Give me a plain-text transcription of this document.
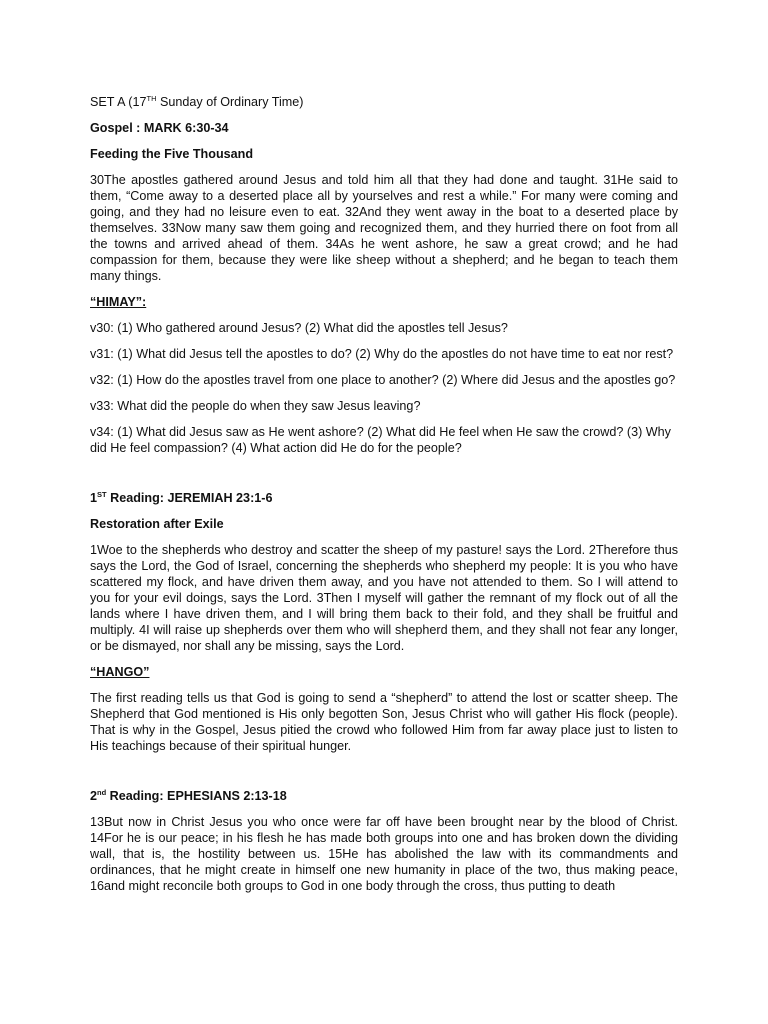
SET A (17TH Sunday of Ordinary Time)

Gospel : MARK 6:30-34

Feeding the Five Thousand

30The apostles gathered around Jesus and told him all that they had done and taught. 31He said to them, “Come away to a deserted place all by yourselves and rest a while.” For many were coming and going, and they had no leisure even to eat. 32And they went away in the boat to a deserted place by themselves. 33Now many saw them going and recognized them, and they hurried there on foot from all the towns and arrived ahead of them. 34As he went ashore, he saw a great crowd; and he had compassion for them, because they were like sheep without a shepherd; and he began to teach them many things.

“HIMAY”:

v30: (1) Who gathered around Jesus? (2) What did the apostles tell Jesus?

v31: (1) What did Jesus tell the apostles to do? (2) Why do the apostles do not have time to eat nor rest?

v32: (1) How do the apostles travel from one place to another? (2) Where did Jesus and the apostles go?

v33: What did the people do when they saw Jesus leaving?

v34: (1) What did Jesus saw as He went ashore? (2) What did He feel when He saw the crowd? (3) Why did He feel compassion? (4) What action did He do for the people?

1ST Reading: JEREMIAH 23:1-6

Restoration after Exile

1Woe to the shepherds who destroy and scatter the sheep of my pasture! says the Lord. 2Therefore thus says the Lord, the God of Israel, concerning the shepherds who shepherd my people: It is you who have scattered my flock, and have driven them away, and you have not attended to them. So I will attend to you for your evil doings, says the Lord. 3Then I myself will gather the remnant of my flock out of all the lands where I have driven them, and I will bring them back to their fold, and they shall be fruitful and multiply. 4I will raise up shepherds over them who will shepherd them, and they shall not fear any longer, or be dismayed, nor shall any be missing, says the Lord.

“HANGO”

The first reading tells us that God is going to send a “shepherd” to attend the lost or scatter sheep. The Shepherd that God mentioned is His only begotten Son, Jesus Christ who will gather His flock (people). That is why in the Gospel, Jesus pitied the crowd who followed Him from far away place just to listen to His teachings because of their spiritual hunger.

2nd Reading: EPHESIANS 2:13-18

13But now in Christ Jesus you who once were far off have been brought near by the blood of Christ. 14For he is our peace; in his flesh he has made both groups into one and has broken down the dividing wall, that is, the hostility between us. 15He has abolished the law with its commandments and ordinances, that he might create in himself one new humanity in place of the two, thus making peace, 16and might reconcile both groups to God in one body through the cross, thus putting to death
